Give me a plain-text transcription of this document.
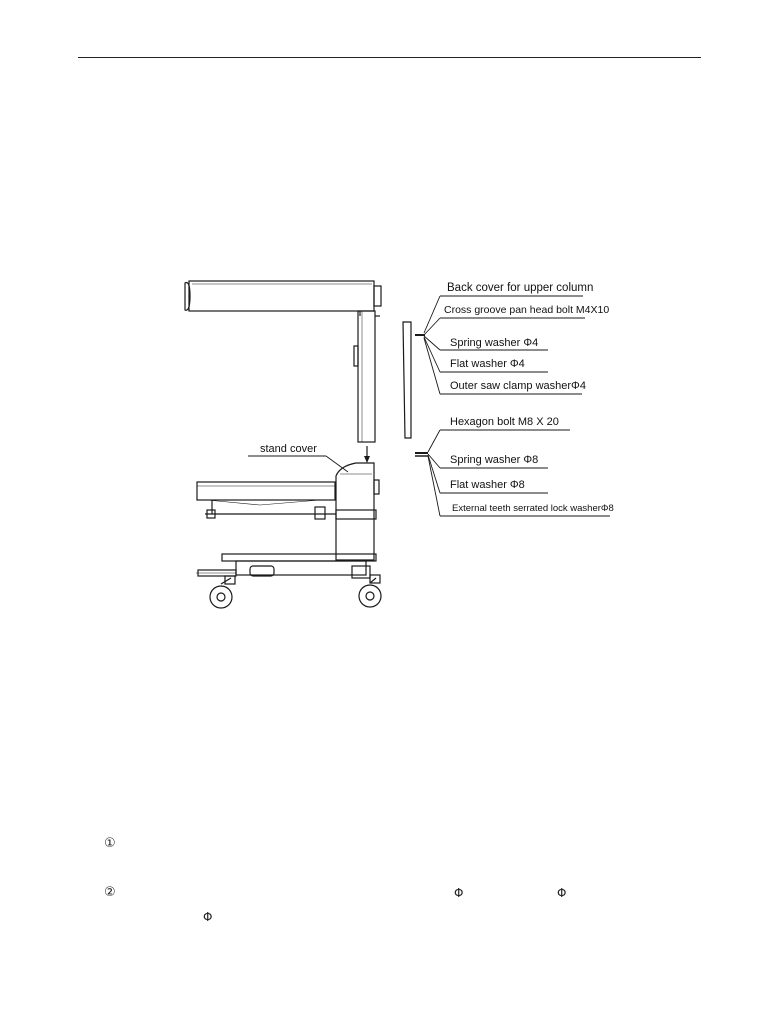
Back cover for upper column
Cross groove pan head bolt M4X10
Spring washer Φ4
Flat washer Φ4
Outer saw clamp washerΦ4
Hexagon bolt M8 X 20
Spring washer Φ8
Flat washer Φ8
External teeth serrated lock washerΦ8
stand cover
①
②	Φ	Φ
Φ
